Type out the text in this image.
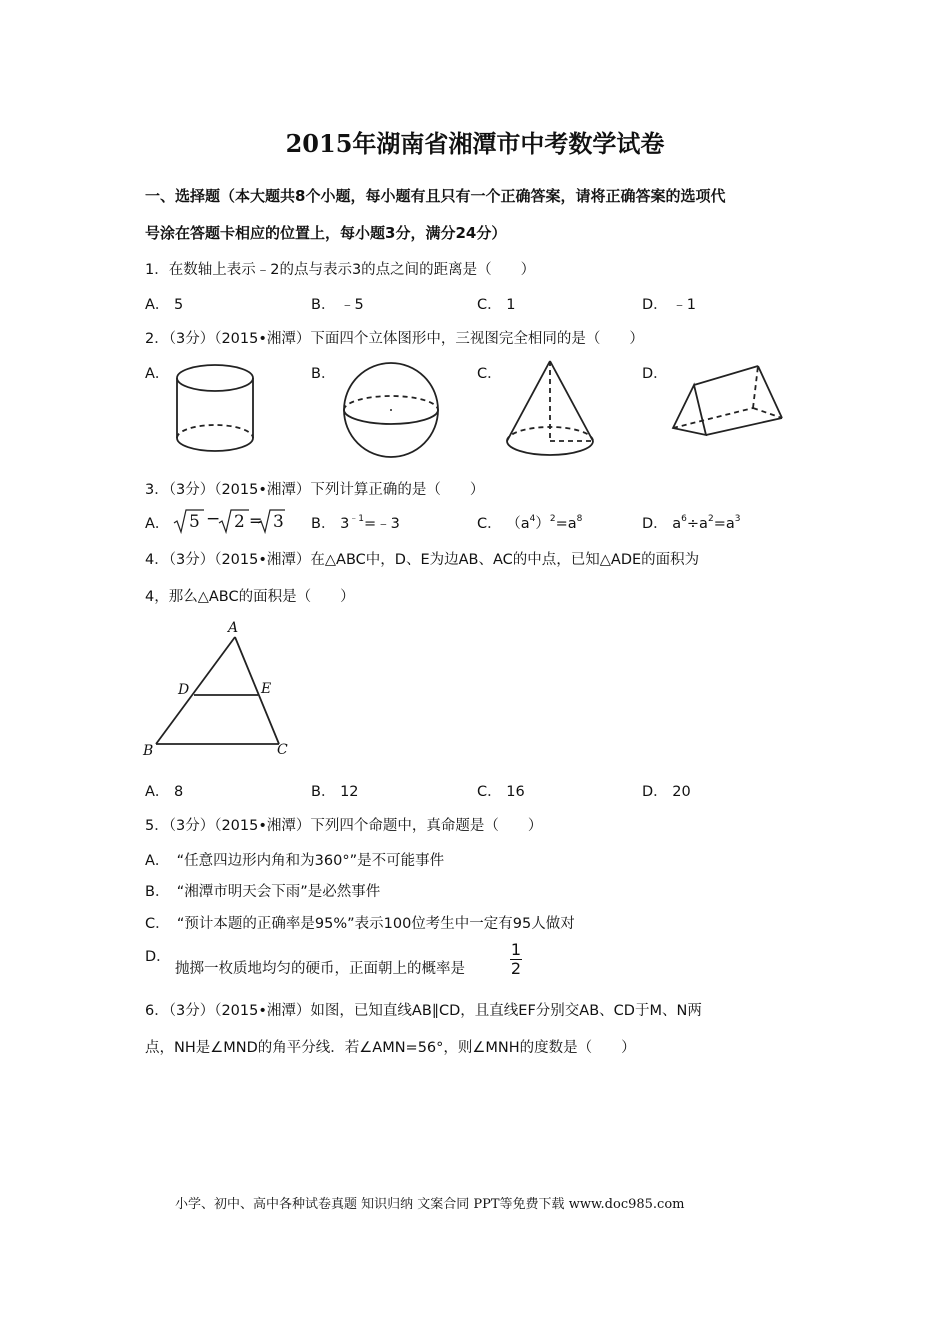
2015年湖南省湘潭市中考数学试卷
一、选择题（本大题共8个小题，每小题有且只有一个正确答案，请将正确答案的选项代
号涂在答题卡相应的位置上，每小题3分，满分24分）
1．在数轴上表示﹣2的点与表示3的点之间的距离是（　　）
A． 5	B． ﹣5	C． 1	D． ﹣1
2．（3分）（2015•湘潭）下面四个立体图形中，三视图完全相同的是（　　）
A．	B．	C．	D．
3．（3分）（2015•湘潭）下列计算正确的是（　　）
A． 5 − 2 = 3 B． $3^{﹣1}=﹣3$	C． $(a^4)^2=a^8$	D． $a^6\div a^2=a^3$
4．（3分）（2015•湘潭）在△ABC中，D、E为边AB、AC的中点，已知△ADE的面积为
4，那么△ABC的面积是（　　）
A
D	E
B	C
A． 8	B． 12	C． 16	D． 20
5．（3分）（2015•湘潭）下列四个命题中，真命题是（　　）
A．　“任意四边形内角和为360°”是不可能事件
B．　“湘潭市明天会下雨”是必然事件
C．　“预计本题的正确率是95%”表示100位考生中一定有95人做对
D．
抛掷一枚质地均匀的硬币，正面朝上的概率是
1
2
6．（3分）（2015•湘潭）如图，已知直线AB∥CD，且直线EF分别交AB、CD于M、N两
点，NH是∠MND的角平分线．若∠AMN=56°，则∠MNH的度数是（　　）
小学、初中、高中各种试卷真题 知识归纳 文案合同 PPT等免费下载 www.doc985.com
